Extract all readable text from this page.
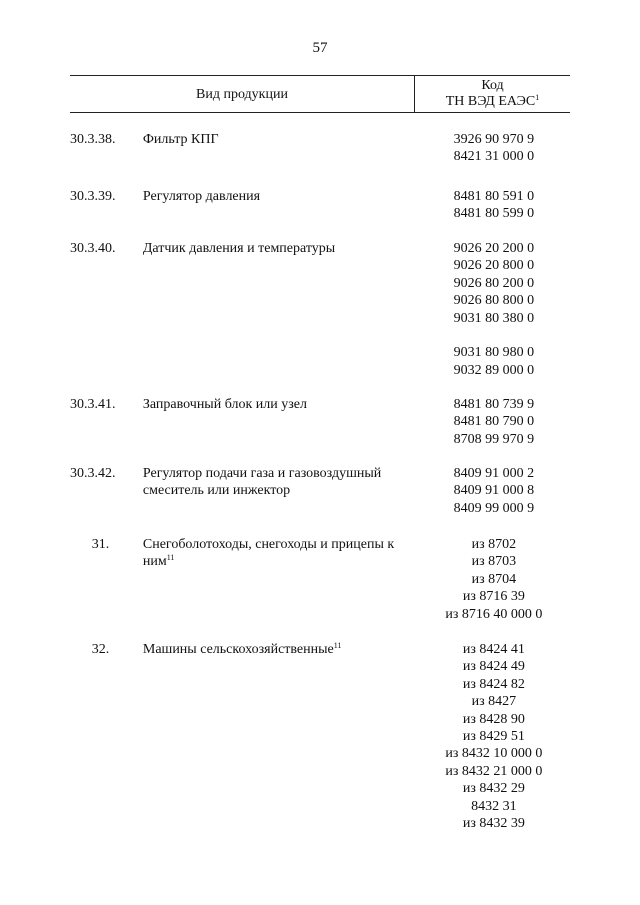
57
Вид продукции
Код
ТН ВЭД ЕАЭС$^1$
30.3.38.	Фильтр КПГ	3926 90 970 9
8421 31 000 0
30.3.39.	Регулятор давления	8481 80 591 0
8481 80 599 0
30.3.40.	Датчик давления и температуры	9026 20 200 0
9026 20 800 0
9026 80 200 0
9026 80 800 0
9031 80 380 0
9031 80 980 0
9032 89 000 0
30.3.41.	Заправочный блок или узел	8481 80 739 9
8481 80 790 0
8708 99 970 9
30.3.42.	Регулятор подачи газа и газовоздушный смеситель или инжектор
8409 91 000 2
8409 91 000 8
8409 99 000 9
31.	Снегоболотоходы, снегоходы и прицепы к ним$^{11}$
из 8702
из 8703
из 8704
из 8716 39
из 8716 40 000 0
32.	Машины сельскохозяйственные$^{11}$	из 8424 41
из 8424 49
из 8424 82
из 8427
из 8428 90
из 8429 51
из 8432 10 000 0
из 8432 21 000 0
из 8432 29
8432 31
из 8432 39
